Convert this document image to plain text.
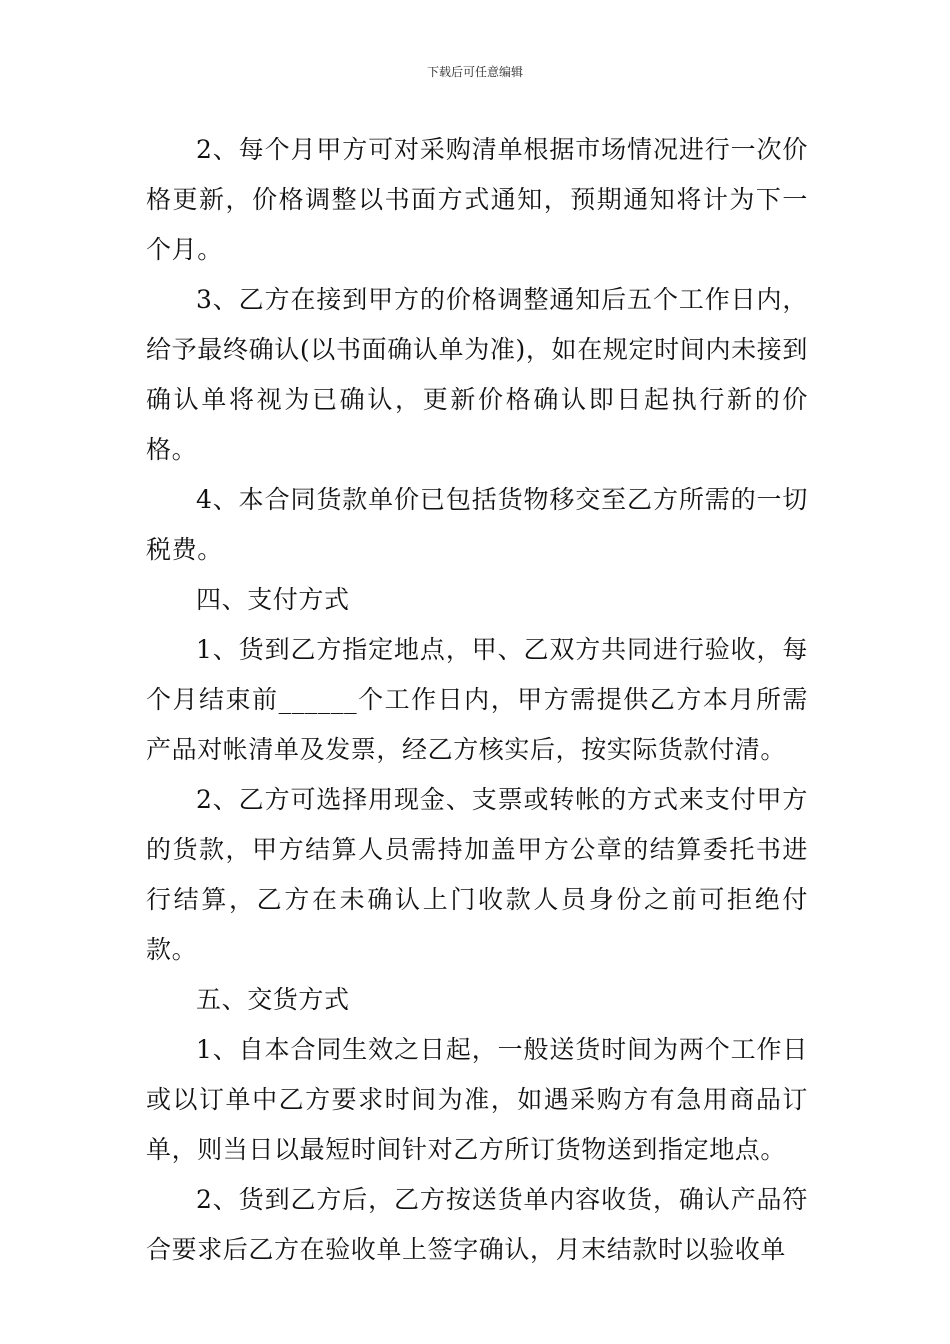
下载后可任意编辑

2、每个月甲方可对采购清单根据市场情况进行一次价格更新，价格调整以书面方式通知，预期通知将计为下一个月。

3、乙方在接到甲方的价格调整通知后五个工作日内，给予最终确认(以书面确认单为准)，如在规定时间内未接到确认单将视为已确认，更新价格确认即日起执行新的价格。

4、本合同货款单价已包括货物移交至乙方所需的一切税费。

四、支付方式

1、货到乙方指定地点，甲、乙双方共同进行验收，每个月结束前______个工作日内，甲方需提供乙方本月所需产品对帐清单及发票，经乙方核实后，按实际货款付清。

2、乙方可选择用现金、支票或转帐的方式来支付甲方的货款，甲方结算人员需持加盖甲方公章的结算委托书进行结算，乙方在未确认上门收款人员身份之前可拒绝付款。

五、交货方式

1、自本合同生效之日起，一般送货时间为两个工作日或以订单中乙方要求时间为准，如遇采购方有急用商品订单，则当日以最短时间针对乙方所订货物送到指定地点。

2、货到乙方后，乙方按送货单内容收货，确认产品符合要求后乙方在验收单上签字确认，月末结款时以验收单
